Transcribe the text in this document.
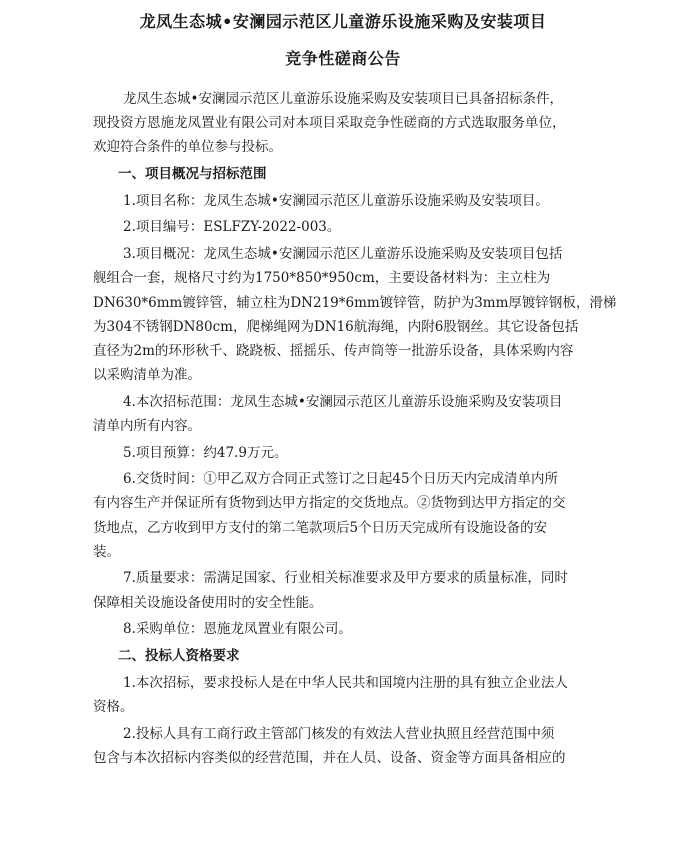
龙凤生态城•安澜园示范区儿童游乐设施采购及安装项目
竞争性磋商公告
龙凤生态城•安澜园示范区儿童游乐设施采购及安装项目已具备招标条件，
现投资方恩施龙凤置业有限公司对本项目采取竞争性磋商的方式选取服务单位，
欢迎符合条件的单位参与投标。
一、项目概况与招标范围
1.项目名称：龙凤生态城•安澜园示范区儿童游乐设施采购及安装项目。
2.项目编号：ESLFZY-2022-003。
3.项目概况：龙凤生态城•安澜园示范区儿童游乐设施采购及安装项目包括
舰组合一套，规格尺寸约为1750*850*950cm，主要设备材料为：主立柱为
DN630*6mm镀锌管，辅立柱为DN219*6mm镀锌管，防护为3mm厚镀锌钢板，滑梯
为304不锈钢DN80cm，爬梯绳网为DN16航海绳，内附6股钢丝。其它设备包括
直径为2m的环形秋千、跷跷板、摇摇乐、传声筒等一批游乐设备，具体采购内容
以采购清单为准。
4.本次招标范围：龙凤生态城•安澜园示范区儿童游乐设施采购及安装项目
清单内所有内容。
5.项目预算：约47.9万元。
6.交货时间：①甲乙双方合同正式签订之日起45个日历天内完成清单内所
有内容生产并保证所有货物到达甲方指定的交货地点。②货物到达甲方指定的交
货地点，乙方收到甲方支付的第二笔款项后5个日历天完成所有设施设备的安
装。
7.质量要求：需满足国家、行业相关标准要求及甲方要求的质量标准，同时
保障相关设施设备使用时的安全性能。
8.采购单位：恩施龙凤置业有限公司。
二、投标人资格要求
1.本次招标，要求投标人是在中华人民共和国境内注册的具有独立企业法人
资格。
2.投标人具有工商行政主管部门核发的有效法人营业执照且经营范围中须
包含与本次招标内容类似的经营范围，并在人员、设备、资金等方面具备相应的
